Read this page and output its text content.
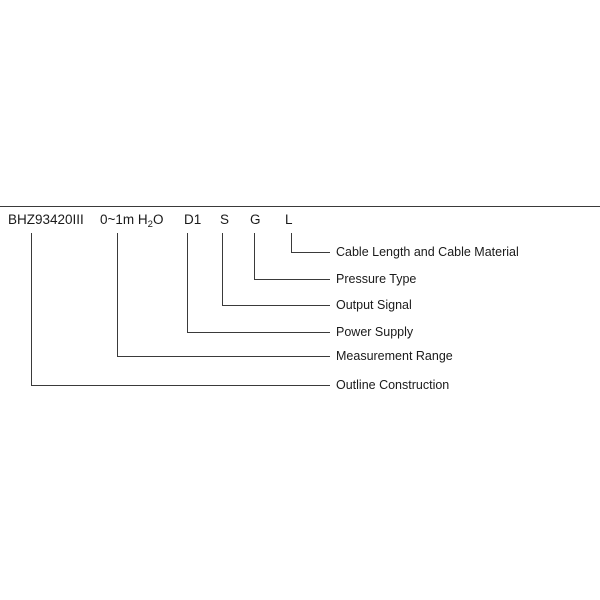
BHZ93420III 0~1m $H_2O$ D1 S G L
Cable Length and Cable Material
Pressure Type
Output Signal
Power Supply
Measurement Range
Outline Construction
